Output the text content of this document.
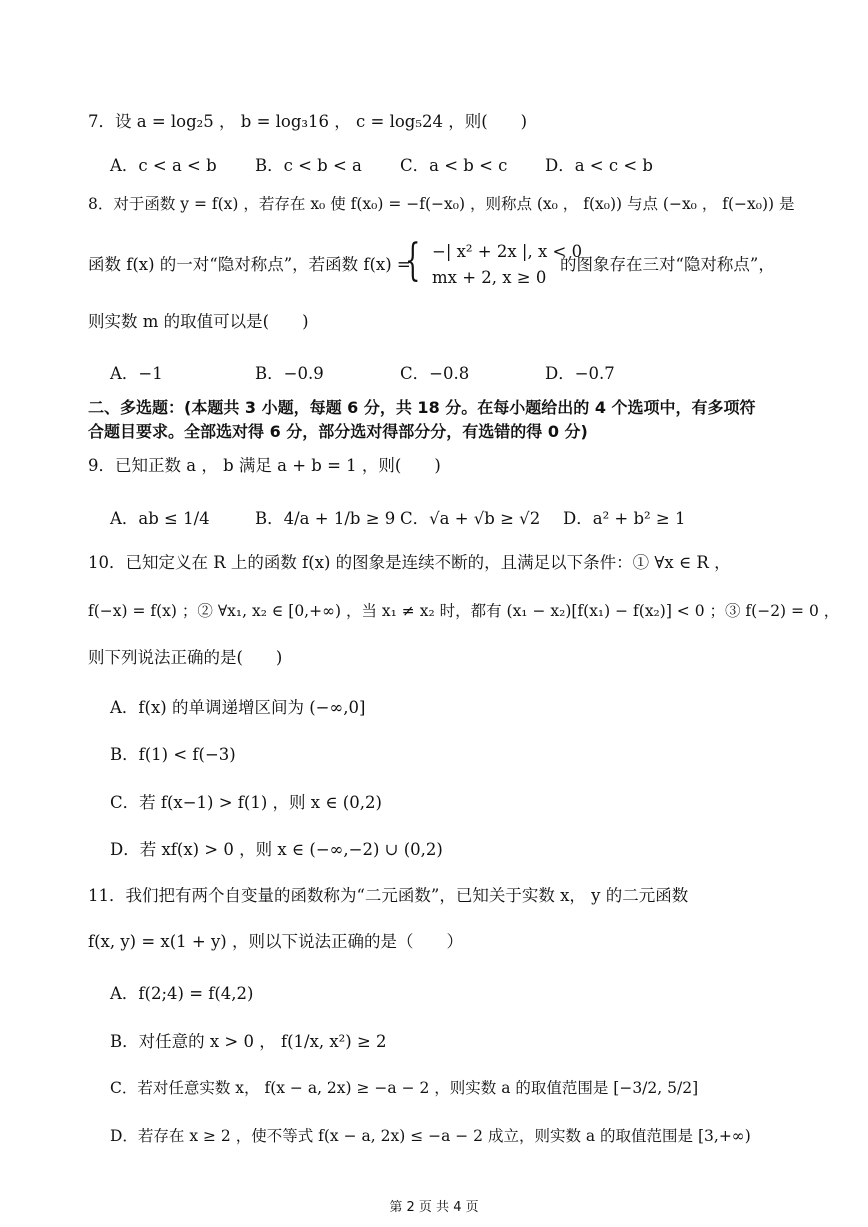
7．设 a = log₂5 ， b = log₃16 ， c = log₅24 ，则(　　)
A．c < a < b B．c < b < a C．a < b < c D．a < c < b
8．对于函数 y = f(x) ，若存在 x₀ 使 f(x₀) = −f(−x₀) ，则称点 (x₀ ， f(x₀)) 与点 (−x₀ ， f(−x₀)) 是
函数 f(x) 的一对“隐对称点”，若函数 f(x) =
{ −| x² + 2x |, x < 0
mx + 2, x ≥ 0
的图象存在三对“隐对称点”，
则实数 m 的取值可以是(　　)
A．−1	B．−0.9	C．−0.8	D．−0.7
二、多选题：(本题共 3 小题，每题 6 分，共 18 分。在每小题给出的 4 个选项中，有多项符
合题目要求。全部选对得 6 分，部分选对得部分分，有选错的得 0 分)
9．已知正数 a ， b 满足 a + b = 1 ，则(　　)
A．ab ≤ 1/4	B．4/a + 1/b ≥ 9 C．√a + √b ≥ √2 D．a² + b² ≥ 1
10．已知定义在 R 上的函数 f(x) 的图象是连续不断的，且满足以下条件：① ∀x ∈ R ，
f(−x) = f(x) ；② ∀x₁, x₂ ∈ [0,+∞) ，当 x₁ ≠ x₂ 时，都有 (x₁ − x₂)[f(x₁) − f(x₂)] < 0 ；③ f(−2) = 0 ，
则下列说法正确的是(　　)
A．f(x) 的单调递增区间为 (−∞,0]
B．f(1) < f(−3)
C．若 f(x−1) > f(1) ，则 x ∈ (0,2)
D．若 xf(x) > 0 ，则 x ∈ (−∞,−2) ∪ (0,2)
11．我们把有两个自变量的函数称为“二元函数”，已知关于实数 x， y 的二元函数
f(x, y) = x(1 + y) ，则以下说法正确的是（　　）
A．f(2;4) = f(4,2)
B．对任意的 x > 0 ， f(1/x, x²) ≥ 2
C．若对任意实数 x， f(x − a, 2x) ≥ −a − 2 ，则实数 a 的取值范围是 [−3/2, 5/2]
D．若存在 x ≥ 2 ，使不等式 f(x − a, 2x) ≤ −a − 2 成立，则实数 a 的取值范围是 [3,+∞)
第 2 页 共 4 页
